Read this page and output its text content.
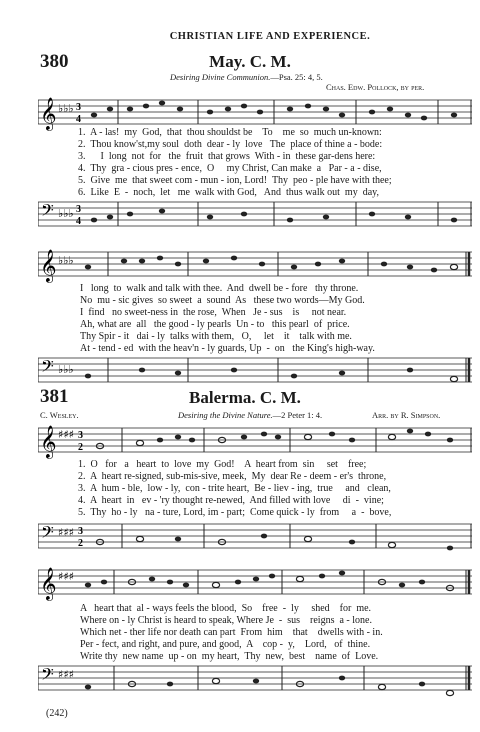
CHRISTIAN LIFE AND EXPERIENCE.
380	May. C. M.
Desiring Divine Communion.—Psa. 25: 4, 5.
Chas. Edw. Pollock, by per.
𝄞 ♭♭♭ 3
4
1.  A - las!  my  God,  that  thou shouldst be    To    me  so  much un-known:
2.  Thou know'st,my soul  doth  dear - ly  love   The  place of thine a - bode:
3.      I  long  not  for   the  fruit  that grows  With - in  these gar-dens here:
4.  Thy  gra - cious pres - ence,  O     my Christ, Can make  a   Par - a - dise,
5.  Give  me  that sweet com - mun - ion, Lord!  Thy  peo - ple have with thee;
6.  Like  E  -  noch,  let   me  walk with God,   And  thus walk out  my  day,
𝄢 ♭♭♭ 3
4
𝄞 ♭♭♭
I   long  to  walk and talk with thee.  And  dwell be - fore   thy throne.
No  mu - sic gives  so sweet  a  sound  As   these two words—My God.
I  find   no sweet-ness in  the rose,  When   Je - sus    is     not near.
Ah, what are  all   the good - ly pearls  Un - to   this pearl  of  price.
Thy Spir - it   dai - ly  talks with them,   O,     let    it    talk with me.
At - tend - ed  with the heav'n - ly guards, Up  -  on   the King's high-way.
𝄢 ♭♭♭
381	Balerma. C. M.
C. Wesley.	Desiring the Divine Nature.—2 Peter 1: 4.	Arr. by R. Simpson.
𝄞 ♯♯♯ 3
2
1.  O   for   a   heart  to  love  my  God!    A  heart from  sin     set    free;
2.  A  heart re-signed, sub-mis-sive, meek,  My  dear Re - deem - er's  throne,
3.  A  hum - ble,  low - ly,  con - trite heart,  Be - liev - ing,  true     and   clean,
4.  A  heart  in   ev - 'ry thought re-newed,  And filled with love     di  -  vine;
5.  Thy  ho - ly   na - ture, Lord, im - part;  Come quick - ly  from     a  -  bove,
𝄢 ♯♯♯ 3
2
𝄞 ♯♯♯
A   heart that  al - ways feels the blood,  So    free  -  ly     shed    for  me.
Where on - ly Christ is heard to speak, Where Je  -  sus    reigns  a - lone.
Which net - ther life nor death can part  From  him    that    dwells with - in.
Per - fect, and right, and pure, and good,  A    cop -  y,    Lord,   of  thine.
Write thy  new name  up - on  my heart,  Thy  new,  best    name  of  Love.
𝄢 ♯♯♯
(242)
